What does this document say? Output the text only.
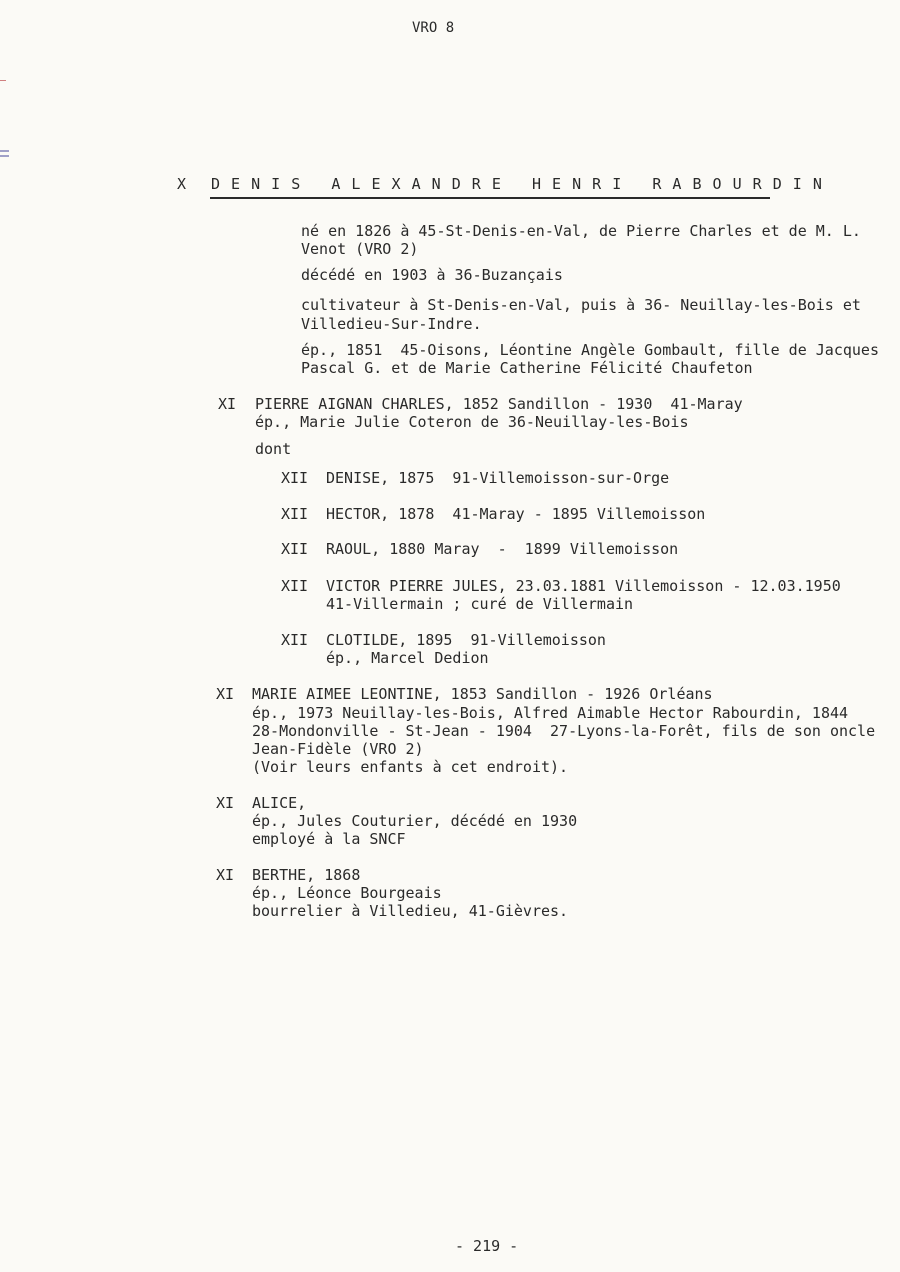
VRO 8
X D E N I S   A L E X A N D R E   H E N R I   R A B O U R D I N
né en 1826 à 45-St-Denis-en-Val, de Pierre Charles et de M. L.
Venot (VRO 2)
décédé en 1903 à 36-Buzançais
cultivateur à St-Denis-en-Val, puis à 36- Neuillay-les-Bois et
Villedieu-Sur-Indre.
ép., 1851  45-Oisons, Léontine Angèle Gombault, fille de Jacques
Pascal G. et de Marie Catherine Félicité Chaufeton
XI PIERRE AIGNAN CHARLES, 1852 Sandillon - 1930  41-Maray
ép., Marie Julie Coteron de 36-Neuillay-les-Bois
dont
XII DENISE, 1875  91-Villemoisson-sur-Orge
XII HECTOR, 1878  41-Maray - 1895 Villemoisson
XII RAOUL, 1880 Maray  -  1899 Villemoisson
XII VICTOR PIERRE JULES, 23.03.1881 Villemoisson - 12.03.1950
41-Villermain ; curé de Villermain
XII CLOTILDE, 1895  91-Villemoisson
ép., Marcel Dedion
XI MARIE AIMEE LEONTINE, 1853 Sandillon - 1926 Orléans
ép., 1973 Neuillay-les-Bois, Alfred Aimable Hector Rabourdin, 1844
28-Mondonville - St-Jean - 1904  27-Lyons-la-Forêt, fils de son oncle
Jean-Fidèle (VRO 2)
(Voir leurs enfants à cet endroit).
XI ALICE,
ép., Jules Couturier, décédé en 1930
employé à la SNCF
XI BERTHE, 1868
ép., Léonce Bourgeais
bourrelier à Villedieu, 41-Gièvres.
- 219 -
